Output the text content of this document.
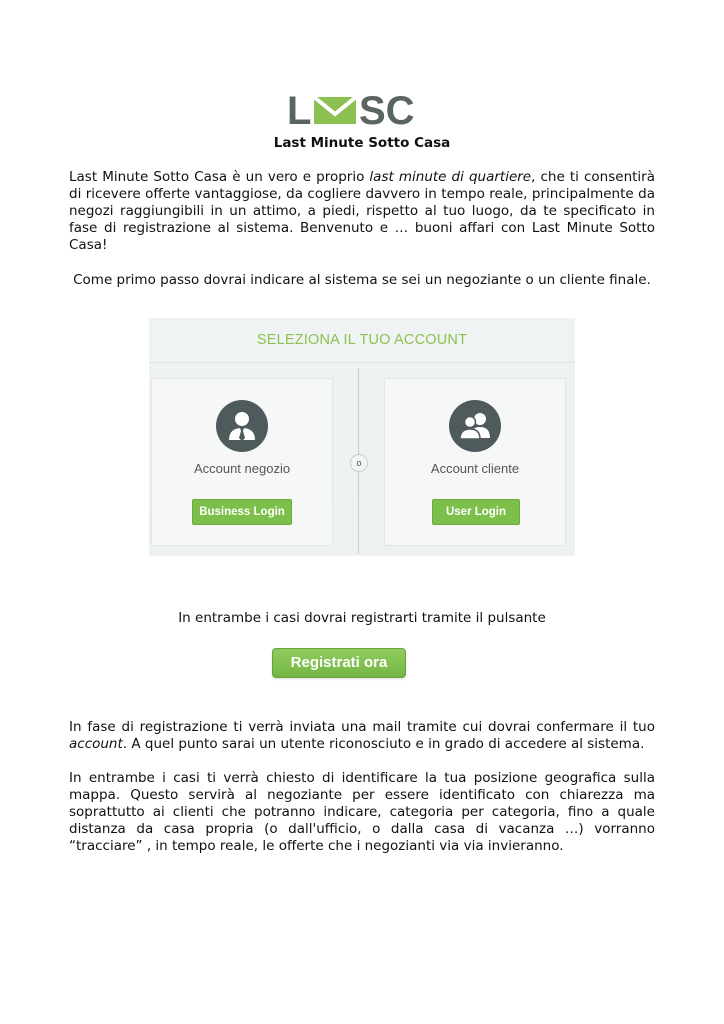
L SC
Last Minute Sotto Casa

Last Minute Sotto Casa è un vero e proprio last minute di quartiere, che ti consentirà di ricevere offerte vantaggiose, da cogliere davvero in tempo reale, principalmente da negozi raggiungibili in un attimo, a piedi, rispetto al tuo luogo, da te specificato in fase di registrazione al sistema. Benvenuto e … buoni affari con Last Minute Sotto Casa!

Come primo passo dovrai indicare al sistema se sei un negoziante o un cliente finale.
SELEZIONA IL TUO ACCOUNT
o
Account negozio
Business Login
Account cliente
User Login
In entrambe i casi dovrai registrarti tramite il pulsante
Registrati ora

In fase di registrazione ti verrà inviata una mail tramite cui dovrai confermare il tuo account. A quel punto sarai un utente riconosciuto e in grado di accedere al sistema.

In entrambe i casi ti verrà chiesto di identificare la tua posizione geografica sulla mappa. Questo servirà al negoziante per essere identificato con chiarezza ma soprattutto ai clienti che potranno indicare, categoria per categoria, fino a quale distanza da casa propria (o dall'ufficio, o dalla casa di vacanza …) vorranno “tracciare” , in tempo reale, le offerte che i negozianti via via invieranno.
